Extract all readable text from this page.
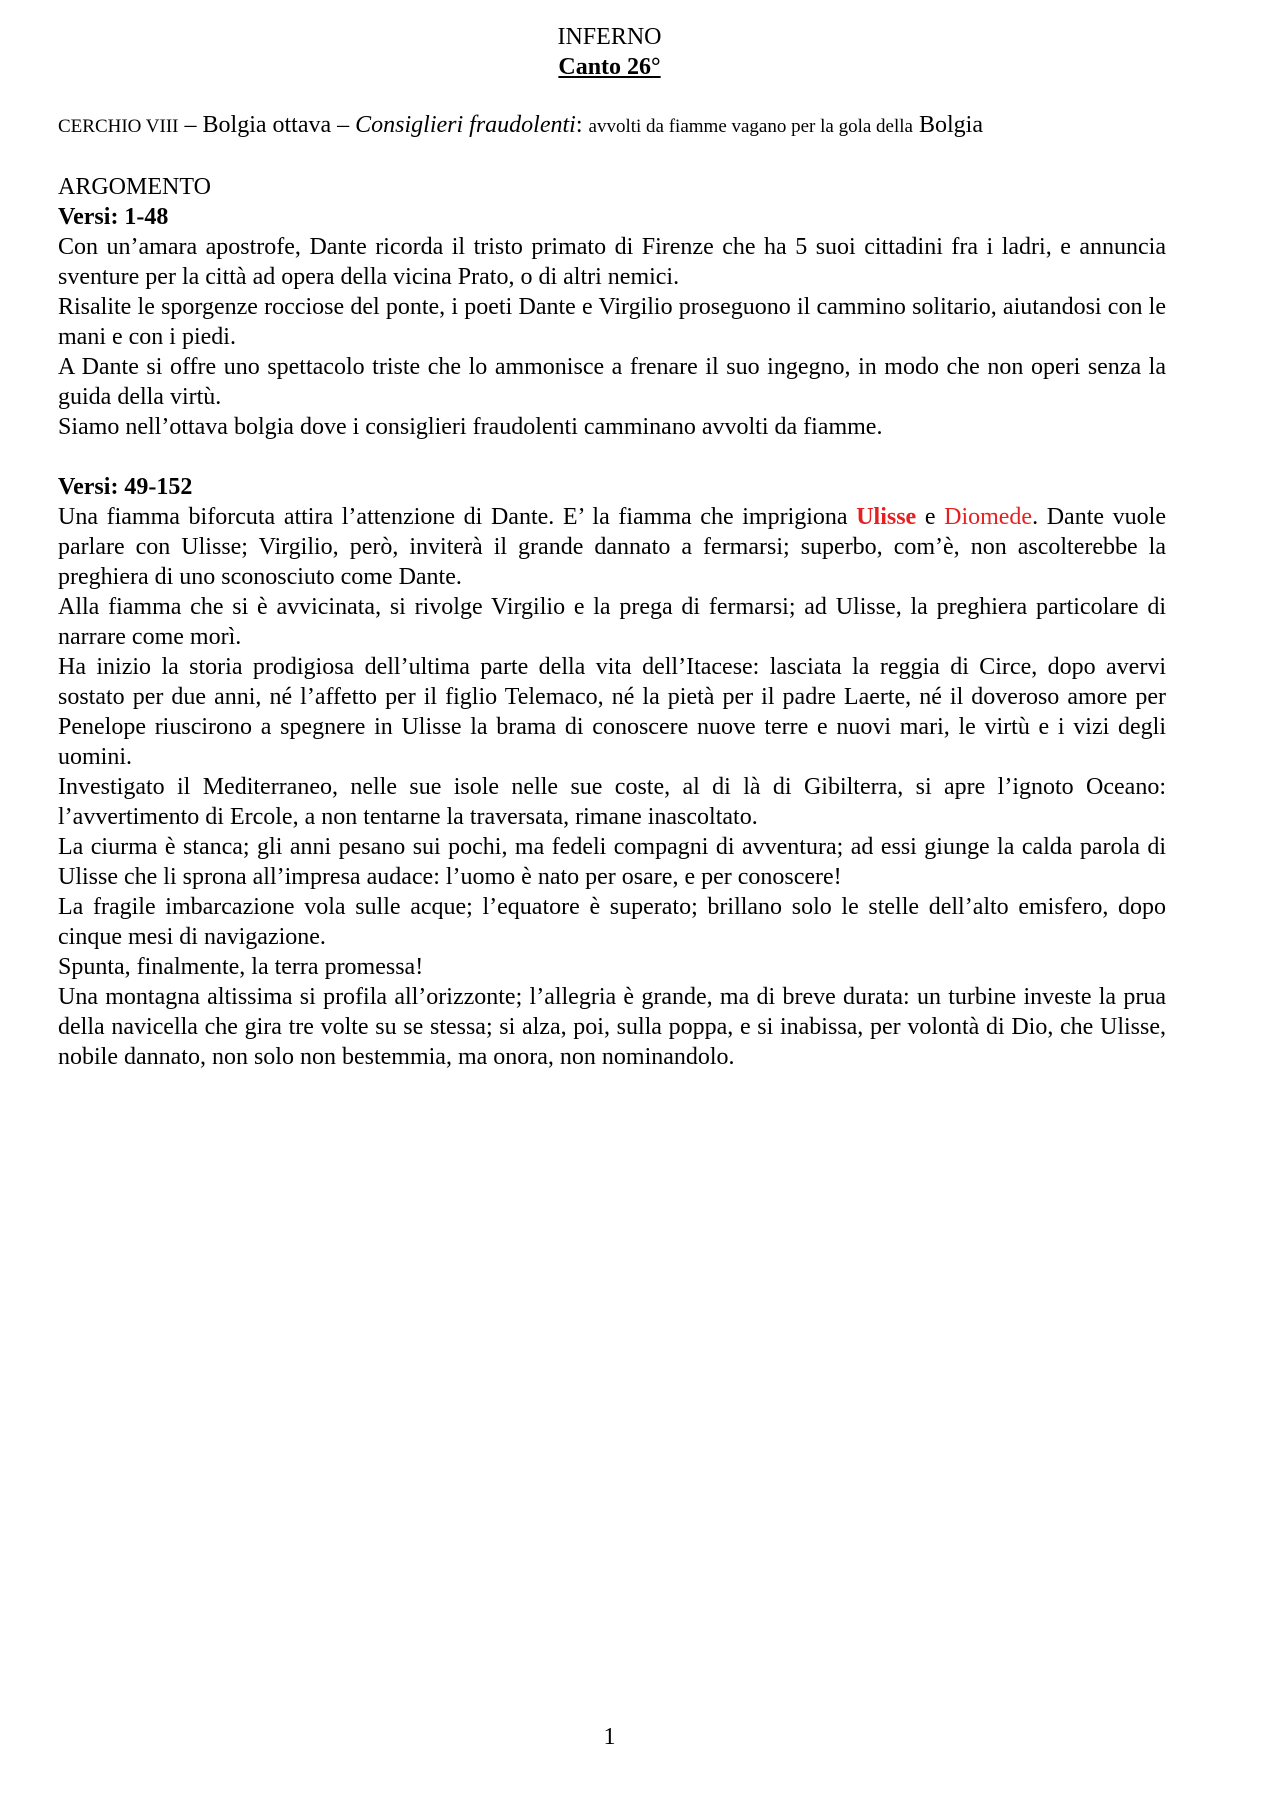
INFERNO
Canto 26°
CERCHIO VIII – Bolgia ottava – Consiglieri fraudolenti: avvolti da fiamme vagano per la gola della Bolgia
ARGOMENTO
Versi: 1-48

Con un’amara apostrofe, Dante ricorda il tristo primato di Firenze che ha 5 suoi cittadini fra i ladri, e annuncia sventure per la città ad opera della vicina Prato, o di altri nemici.

Risalite le sporgenze rocciose del ponte, i poeti Dante e Virgilio proseguono il cammino solitario, aiutandosi con le mani e con i piedi.

A Dante si offre uno spettacolo triste che lo ammonisce a frenare il suo ingegno, in modo che non operi senza la guida della virtù.

Siamo nell’ottava bolgia dove i consiglieri fraudolenti camminano avvolti da fiamme.

Versi: 49-152

Una fiamma biforcuta attira l’attenzione di Dante. E’ la fiamma che imprigiona Ulisse e Diomede. Dante vuole parlare con Ulisse; Virgilio, però, inviterà il grande dannato a fermarsi; superbo, com’è, non ascolterebbe la preghiera di uno sconosciuto come Dante.

Alla fiamma che si è avvicinata, si rivolge Virgilio e la prega di fermarsi; ad Ulisse, la preghiera particolare di narrare come morì.

Ha inizio la storia prodigiosa dell’ultima parte della vita dell’Itacese: lasciata la reggia di Circe, dopo avervi sostato per due anni, né l’affetto per il figlio Telemaco, né la pietà per il padre Laerte, né il doveroso amore per Penelope riuscirono a spegnere in Ulisse la brama di conoscere nuove terre e nuovi mari, le virtù e i vizi degli uomini.

Investigato il Mediterraneo, nelle sue isole nelle sue coste, al di là di Gibilterra, si apre l’ignoto Oceano: l’avvertimento di Ercole, a non tentarne la traversata, rimane inascoltato.

La ciurma è stanca; gli anni pesano sui pochi, ma fedeli compagni di avventura; ad essi giunge la calda parola di Ulisse che li sprona all’impresa audace: l’uomo è nato per osare, e per conoscere!

La fragile imbarcazione vola sulle acque; l’equatore è superato; brillano solo le stelle dell’alto emisfero, dopo cinque mesi di navigazione.

Spunta, finalmente, la terra promessa!

Una montagna altissima si profila all’orizzonte; l’allegria è grande, ma di breve durata: un turbine investe la prua della navicella che gira tre volte su se stessa; si alza, poi, sulla poppa, e si inabissa, per volontà di Dio, che Ulisse, nobile dannato, non solo non bestemmia, ma onora, non nominandolo.

1
